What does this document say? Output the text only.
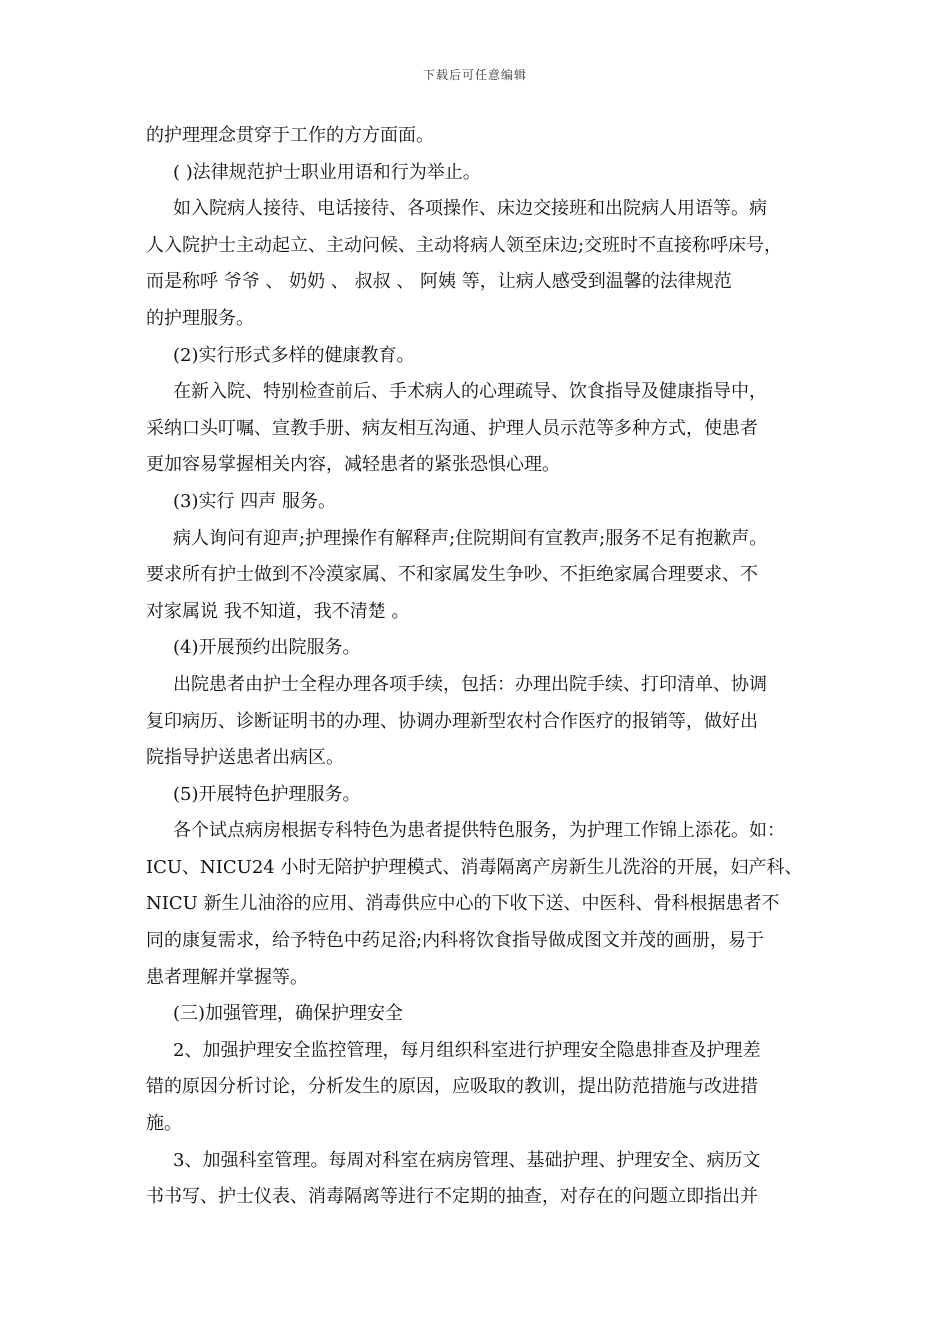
下载后可任意编辑
的护理理念贯穿于工作的方方面面。
( )法律规范护士职业用语和行为举止。
如入院病人接待、电话接待、各项操作、床边交接班和出院病人用语等。病
人入院护士主动起立、主动问候、主动将病人领至床边;交班时不直接称呼床号，
而是称呼 爷爷 、 奶奶 、 叔叔 、 阿姨 等，让病人感受到温馨的法律规范
的护理服务。
(2)实行形式多样的健康教育。
在新入院、特别检查前后、手术病人的心理疏导、饮食指导及健康指导中，
采纳口头叮嘱、宣教手册、病友相互沟通、护理人员示范等多种方式，使患者
更加容易掌握相关内容，减轻患者的紧张恐惧心理。
(3)实行 四声 服务。
病人询问有迎声;护理操作有解释声;住院期间有宣教声;服务不足有抱歉声。
要求所有护士做到不冷漠家属、不和家属发生争吵、不拒绝家属合理要求、不
对家属说 我不知道，我不清楚 。
(4)开展预约出院服务。
出院患者由护士全程办理各项手续，包括：办理出院手续、打印清单、协调
复印病历、诊断证明书的办理、协调办理新型农村合作医疗的报销等，做好出
院指导护送患者出病区。
(5)开展特色护理服务。
各个试点病房根据专科特色为患者提供特色服务，为护理工作锦上添花。如：
ICU、NICU24 小时无陪护护理模式、消毒隔离产房新生儿洗浴的开展，妇产科、
NICU 新生儿油浴的应用、消毒供应中心的下收下送、中医科、骨科根据患者不
同的康复需求，给予特色中药足浴;内科将饮食指导做成图文并茂的画册，易于
患者理解并掌握等。
(三)加强管理，确保护理安全
2、加强护理安全监控管理，每月组织科室进行护理安全隐患排查及护理差
错的原因分析讨论，分析发生的原因，应吸取的教训，提出防范措施与改进措
施。
3、加强科室管理。每周对科室在病房管理、基础护理、护理安全、病历文
书书写、护士仪表、消毒隔离等进行不定期的抽查，对存在的问题立即指出并
